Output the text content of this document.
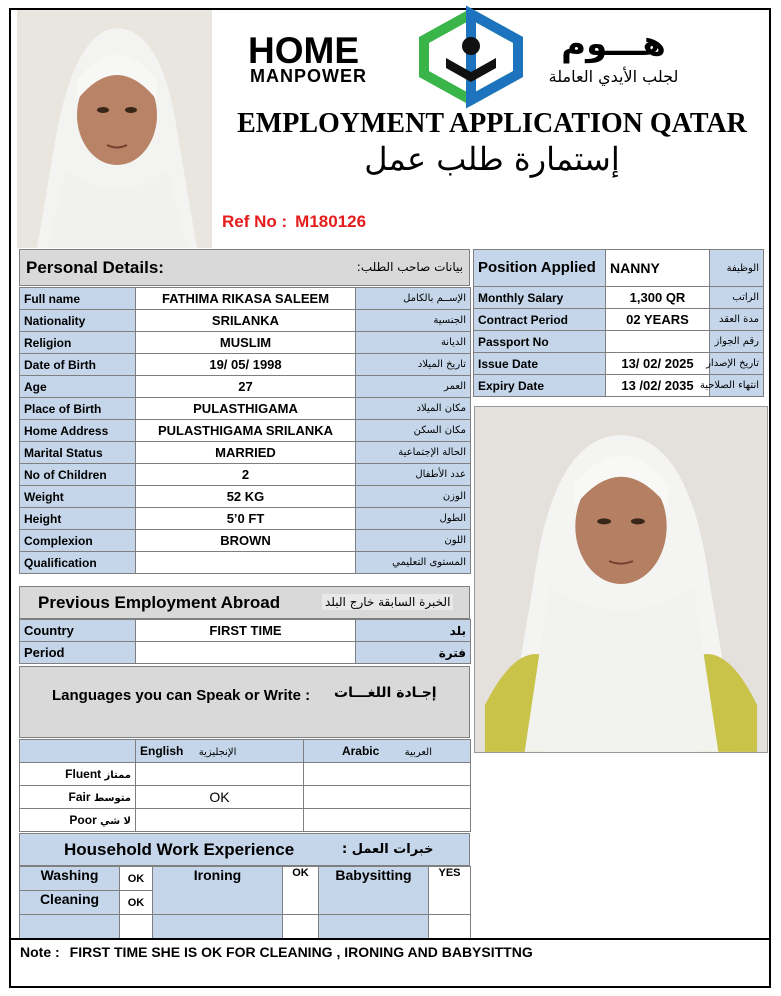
HOME
MANPOWER
هـــوم
لجلب الأيدي العاملة
EMPLOYMENT APPLICATION QATAR
إستمارة طلب عمل
Ref No : M180126
Personal Details:	بيانات صاحب الطلب:
Full name	FATHIMA RIKASA SALEEM	الإســم بالكامل
Nationality	SRILANKA	الجنسية
Religion	MUSLIM	الديانة
Date of Birth	19/ 05/ 1998	تاريخ الميلاد
Age	27	العمر
Place of Birth	PULASTHIGAMA	مكان الميلاد
Home Address	PULASTHIGAMA SRILANKA	مكان السكن
Marital Status	MARRIED	الحالة الإجتماعية
No of Children	2	عدد الأطفال
Weight	52 KG	الوزن
Height	5’0 FT	الطول
Complexion	BROWN	اللون
Qualification		المستوى التعليمي
Position Applied	NANNY	الوظيفة
Monthly Salary	1,300 QR	الراتب
Contract Period	02 YEARS	مدة العقد
Passport No		رقم الجواز
Issue Date	13/ 02/ 2025	تاريخ الإصدار
Expiry Date	13 /02/ 2035	انتهاء الصلاحية
Previous Employment Abroad	الخبرة السابقة خارج البلد
Country	FIRST TIME	بلد
Period		فترة
Languages you can Speak or Write : إجـادة اللغـــات
	English الإنجليزية	Arabic العربية
Fluent ممتاز		
Fair متوسط	OK	
Poor لا شي		
Household Work Experience	خبرات العمل :
Washing	OK	Ironing	OK	Babysitting	YES
Cleaning	OK				

Note : FIRST TIME SHE IS OK FOR CLEANING , IRONING AND BABYSITTNG
